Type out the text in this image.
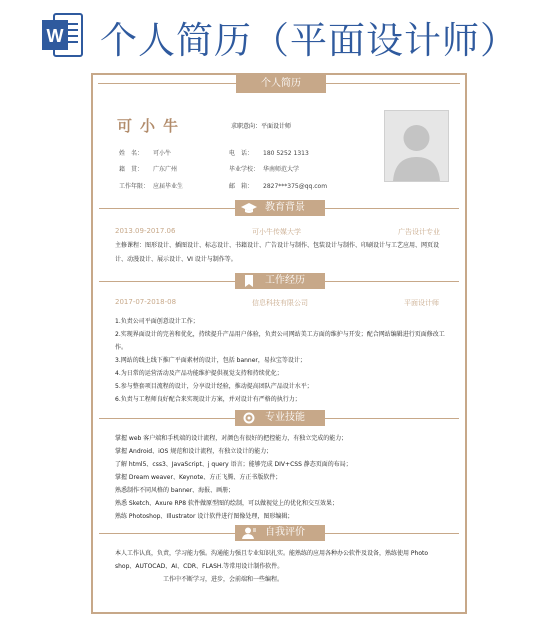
W 个人简历（平面设计师）
个人简历
可小牛	求职意向：平面设计师
姓　名： 可小牛	电　话： 180 5252 1313
籍　贯： 广东广州	毕业学校： 华南师范大学
工作年限： 应届毕业生	邮　箱： 2827***375@qq.com
教育背景
2013.09-2017.06	可小牛传媒大学	广告设计专业

主修课程：图形设计、插图设计、标志设计、书籍设计、广告设计与制作、包装设计与制作、印刷设计与工艺应用、网页设计、动漫设计、展示设计、VI 设计与制作等。

工作经历
2017-07-2018-08	信息科技有限公司	平面设计师

1.负责公司平面创意设计工作；

2.实现界面设计的完善和优化，持续提升产品用户体验，负责公司网站美工方面的维护与开发；配合网站编辑进行页面修改工作。

3.网站的线上线下推广平面素材的设计，包括 banner，易拉宝等设计；

4.为日常的运营活动及产品功能维护提供视觉支持和持续优化；

5.参与整套项目流程的设计，分享设计经验，推动提高团队产品设计水平；

6.负责与工程师良好配合来实现设计方案，并对设计有严格的执行力；

专业技能

掌握 web 客户端和手机端的设计流程，对颜色有很好的把控能力，有独立完成的能力；

掌握 Android、iOS 规范和设计流程，有独立设计的能力；

了解 html5、css3、JavaScript、j query 语言；能够完成 DIV+CSS 静态页面的布局；

掌握 Dream weaver、Keynote、方正飞腾、方正书版软件；

熟悉制作不同风格的 banner、海报、画册；

熟悉 Sketch、Axure RP8 软件做原型图的绘制，可以做视觉上的优化和交互效果；

熟练 Photoshop、Illustrator 设计软件进行图像处理，图形编辑；

自我评价

本人工作认真，负责，学习能力强。沟通能力强且专业知识扎实。能熟练的应用各种办公软件及设备，熟练使用 Photo shop、AUTOCAD、AI、CDR、FLASH.等常用设计制作软件。

工作中不断学习，进步，会前端和一些编程。
